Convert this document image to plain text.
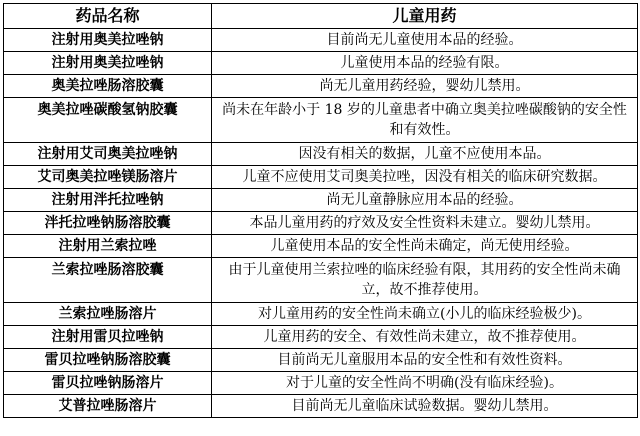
药品名称	儿童用药
注射用奥美拉唑钠	目前尚无儿童使用本品的经验。
注射用奥美拉唑钠	儿童使用本品的经验有限。
奥美拉唑肠溶胶囊	尚无儿童用药经验，婴幼儿禁用。
奥美拉唑碳酸氢钠胶囊	尚未在年龄小于 18 岁的儿童患者中确立奥美拉唑碳酸钠的安全性和有效性。
注射用艾司奥美拉唑钠	因没有相关的数据，儿童不应使用本品。
艾司奥美拉唑镁肠溶片	儿童不应使用艾司奥美拉唑，因没有相关的临床研究数据。
注射用泮托拉唑钠	尚无儿童静脉应用本品的经验。
泮托拉唑钠肠溶胶囊	本品儿童用药的疗效及安全性资料未建立。婴幼儿禁用。
注射用兰索拉唑	儿童使用本品的安全性尚未确定，尚无使用经验。
兰索拉唑肠溶胶囊	由于儿童使用兰索拉唑的临床经验有限，其用药的安全性尚未确立，故不推荐使用。
兰索拉唑肠溶片	对儿童用药的安全性尚未确立(小儿的临床经验极少)。
注射用雷贝拉唑钠	儿童用药的安全、有效性尚未建立，故不推荐使用。
雷贝拉唑钠肠溶胶囊	目前尚无儿童服用本品的安全性和有效性资料。
雷贝拉唑钠肠溶片	对于儿童的安全性尚不明确(没有临床经验)。
艾普拉唑肠溶片	目前尚无儿童临床试验数据。婴幼儿禁用。
